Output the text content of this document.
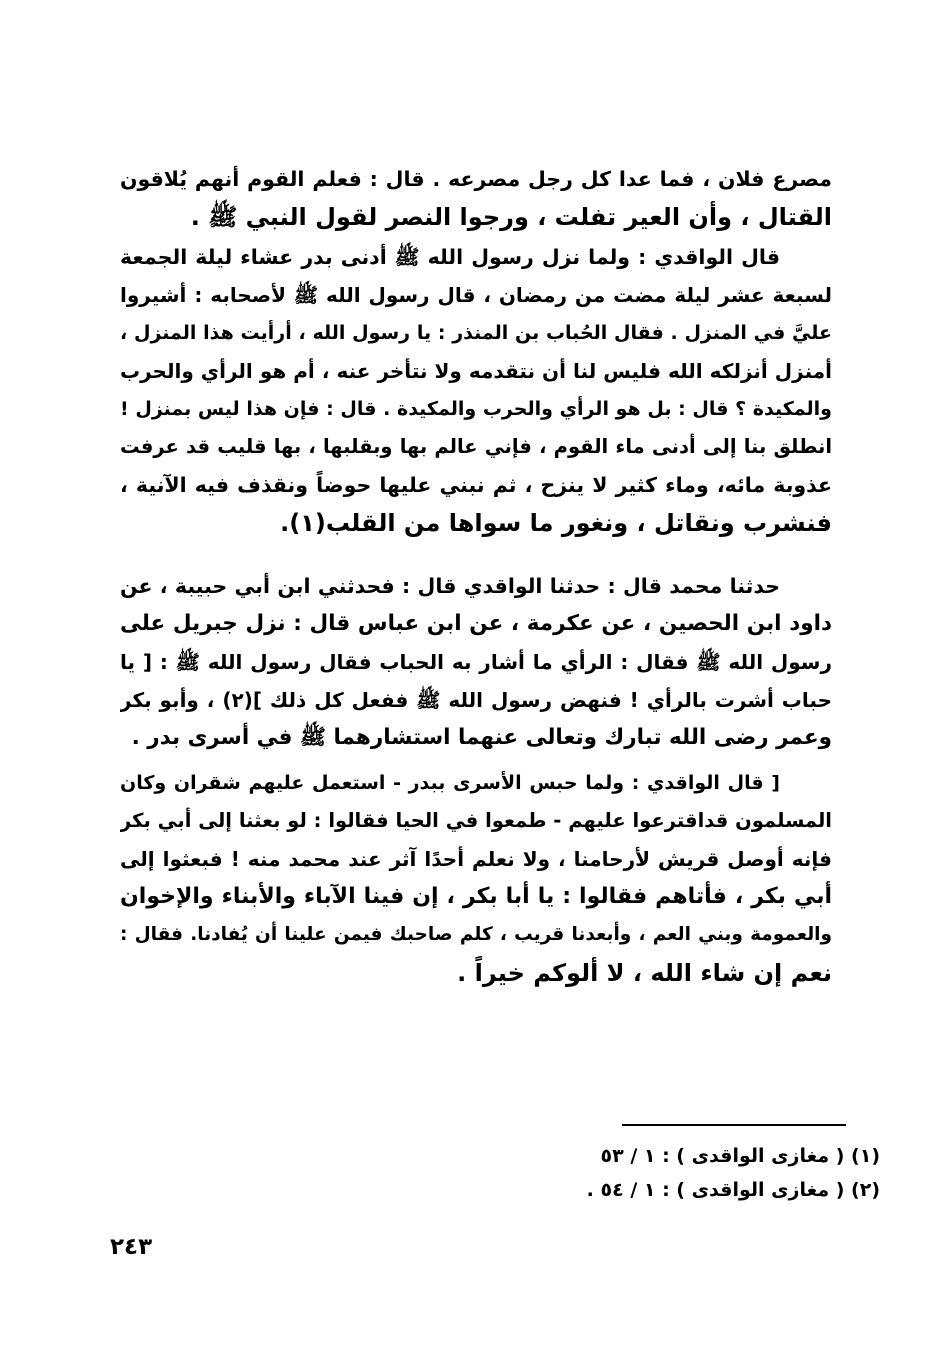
مصرع فلان ، فما عدا كل رجل مصرعه . قال : فعلم القوم أنهم يُلاقون
القتال ، وأن العير تفلت ، ورجوا النصر لقول النبي ﷺ .
قال الواقدي : ولما نزل رسول الله ﷺ أدنى بدر عشاء ليلة الجمعة
لسبعة عشر ليلة مضت من رمضان ، قال رسول الله ﷺ لأصحابه : أشيروا
عليَّ في المنزل . فقال الحُباب بن المنذر : يا رسول الله ، أرأيت هذا المنزل ،
أمنزل أنزلكه الله فليس لنا أن نتقدمه ولا نتأخر عنه ، أم هو الرأي والحرب
والمكيدة ؟ قال : بل هو الرأي والحرب والمكيدة . قال : فإن هذا ليس بمنزل !
انطلق بنا إلى أدنى ماء القوم ، فإني عالم بها وبقلبها ، بها قليب قد عرفت
عذوبة مائه، وماء كثير لا ينزح ، ثم نبني عليها حوضاً ونقذف فيه الآنية ،
فنشرب ونقاتل ، ونغور ما سواها من القلب(١).
حدثنا محمد قال : حدثنا الواقدي قال : فحدثني ابن أبي حبيبة ، عن
داود ابن الحصين ، عن عكرمة ، عن ابن عباس قال : نزل جبريل على
رسول الله ﷺ فقال : الرأي ما أشار به الحباب فقال رسول الله ﷺ : [ يا
حباب أشرت بالرأي ! فنهض رسول الله ﷺ ففعل كل ذلك ](٢) ، وأبو بكر
وعمر رضى الله تبارك وتعالى عنهما استشارهما ﷺ في أسرى بدر .
[ قال الواقدي : ولما حبس الأسرى ببدر - استعمل عليهم شقران وكان
المسلمون قداقترعوا عليهم - طمعوا في الحيا فقالوا : لو بعثنا إلى أبي بكر
فإنه أوصل قريش لأرحامنا ، ولا نعلم أحدًا آثر عند محمد منه ! فبعثوا إلى
أبي بكر ، فأتاهم فقالوا : يا أبا بكر ، إن فينا الآباء والأبناء والإخوان
والعمومة وبني العم ، وأبعدنا قريب ، كلم صاحبك فيمن علينا أن يُفادنا. فقال :
نعم إن شاء الله ، لا ألوكم خيراً .
(١) ( مغازى الواقدى ) : ١ / ٥٣
(٢) ( مغازى الواقدى ) : ١ / ٥٤ .
٢٤٣
